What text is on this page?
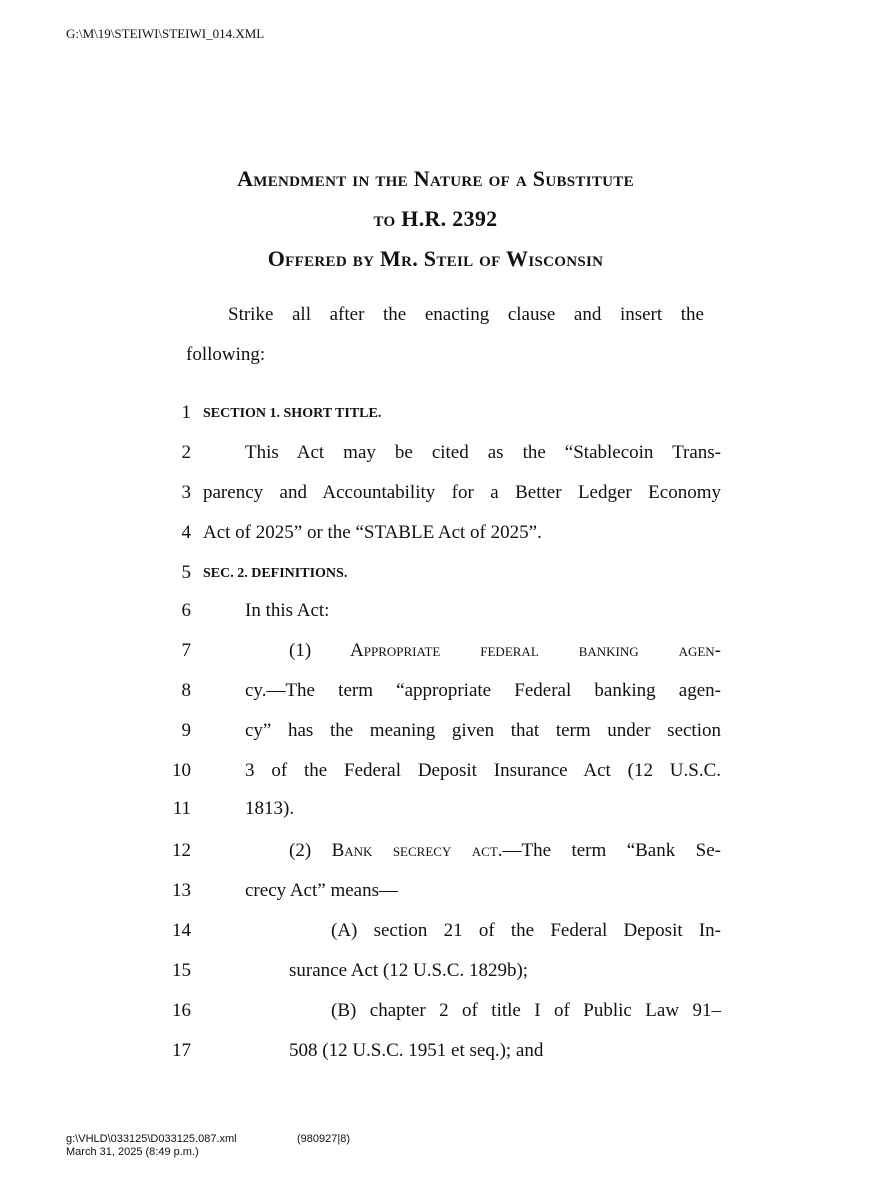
G:\M\19\STEIWI\STEIWI_014.XML
Amendment in the Nature of a Substitute
to H.R. 2392
Offered by Mr. Steil of Wisconsin
Strike all after the enacting clause and insert the
following:
1 SECTION 1. SHORT TITLE.
2	This Act may be cited as the “Stablecoin Trans-
3 parency and Accountability for a Better Ledger Economy
4 Act of 2025” or the “STABLE Act of 2025”.
5 SEC. 2. DEFINITIONS.
6	In this Act:
7	(1) Appropriate federal banking agen-
8	cy.—The term “appropriate Federal banking agen-
9	cy” has the meaning given that term under section
10	3 of the Federal Deposit Insurance Act (12 U.S.C.
11	1813).
12	(2) Bank secrecy act.—The term “Bank Se-
13	crecy Act” means—
14	(A) section 21 of the Federal Deposit In-
15	surance Act (12 U.S.C. 1829b);
16	(B) chapter 2 of title I of Public Law 91–
17	508 (12 U.S.C. 1951 et seq.); and
g:\VHLD\033125\D033125.087.xml
March 31, 2025 (8:49 p.m.)
(980927|8)
